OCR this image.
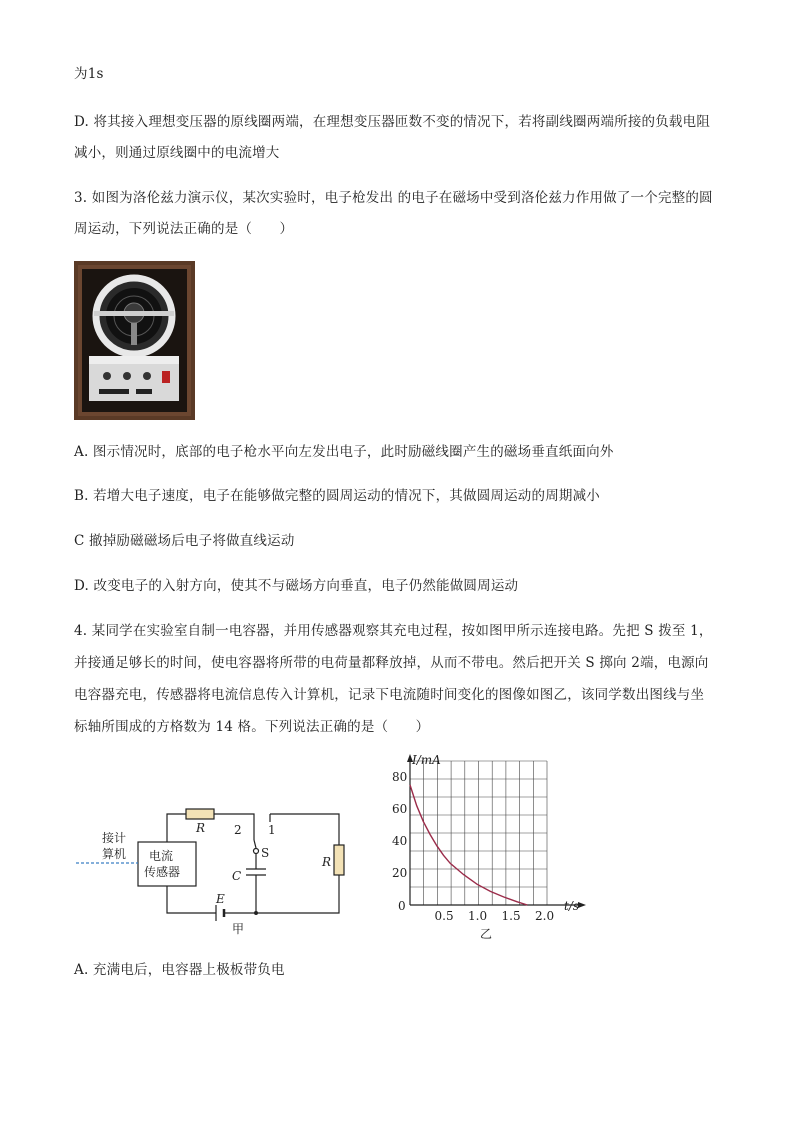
为1s
D. 将其接入理想变压器的原线圈两端，在理想变压器匝数不变的情况下，若将副线圈两端所接的负载电阻
减小，则通过原线圈中的电流增大
3. 如图为洛伦兹力演示仪，某次实验时，电子枪发出 的电子在磁场中受到洛伦兹力作用做了一个完整的圆
周运动，下列说法正确的是（　　）
A. 图示情况时，底部的电子枪水平向左发出电子，此时励磁线圈产生的磁场垂直纸面向外
B. 若增大电子速度，电子在能够做完整的圆周运动的情况下，其做圆周运动的周期减小
C 撤掉励磁磁场后电子将做直线运动
D. 改变电子的入射方向，使其不与磁场方向垂直，电子仍然能做圆周运动
4. 某同学在实验室自制一电容器，并用传感器观察其充电过程，按如图甲所示连接电路。先把 S 拨至 1，
并接通足够长的时间，使电容器将所带的电荷量都释放掉，从而不带电。然后把开关 S 掷向 2端，电源向
电容器充电，传感器将电流信息传入计算机，记录下电流随时间变化的图像如图乙，该同学数出图线与坐
标轴所围成的方格数为 14 格。下列说法正确的是（　　）
接计
算机 电流
传感器
R 2 1
S
C
R
E
甲
I/mA
t/s
0
乙
0.5 1.0 1.5 2.0
20
40
60
80
A. 充满电后，电容器上极板带负电
